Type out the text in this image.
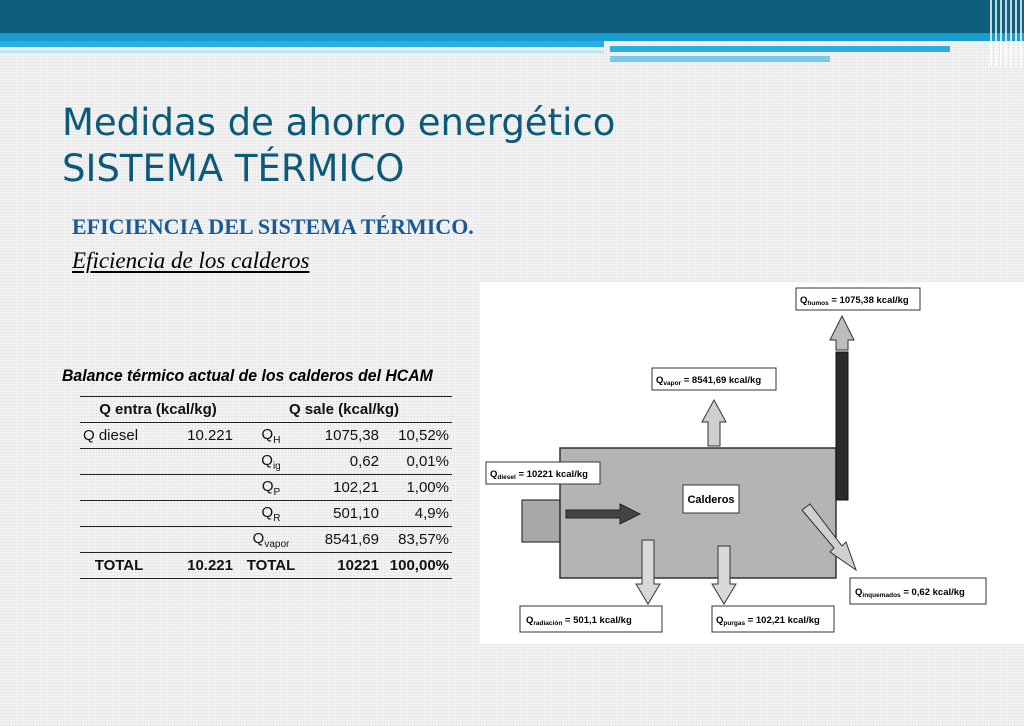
Medidas de ahorro energético
SISTEMA TÉRMICO
EFICIENCIA DEL SISTEMA TÉRMICO.
Eficiencia de los calderos
Balance térmico actual de los calderos del HCAM
Q entra (kcal/kg)		Q sale (kcal/kg)		
Q diesel	10.221	$Q_H$	1075,38	10,52%
		$Q_{ig}$	0,62	0,01%
		$Q_P$	102,21	1,00%
		$Q_R$	501,10	4,9%
		$Q_{vapor}$	8541,69	83,57%
TOTAL	10.221	TOTAL	10221	100,00%
Calderos
$Q_{humos} = 1075,38$ kcal/kg
$Q_{vapor} = 8541,69$ kcal/kg
$Q_{diesel} = 10221$ kcal/kg
$Q_{inquemados} = 0,62$ kcal/kg
$Q_{radiación} = 501,1$ kcal/kg	$Q_{purgas} = 102,21$ kcal/kg
